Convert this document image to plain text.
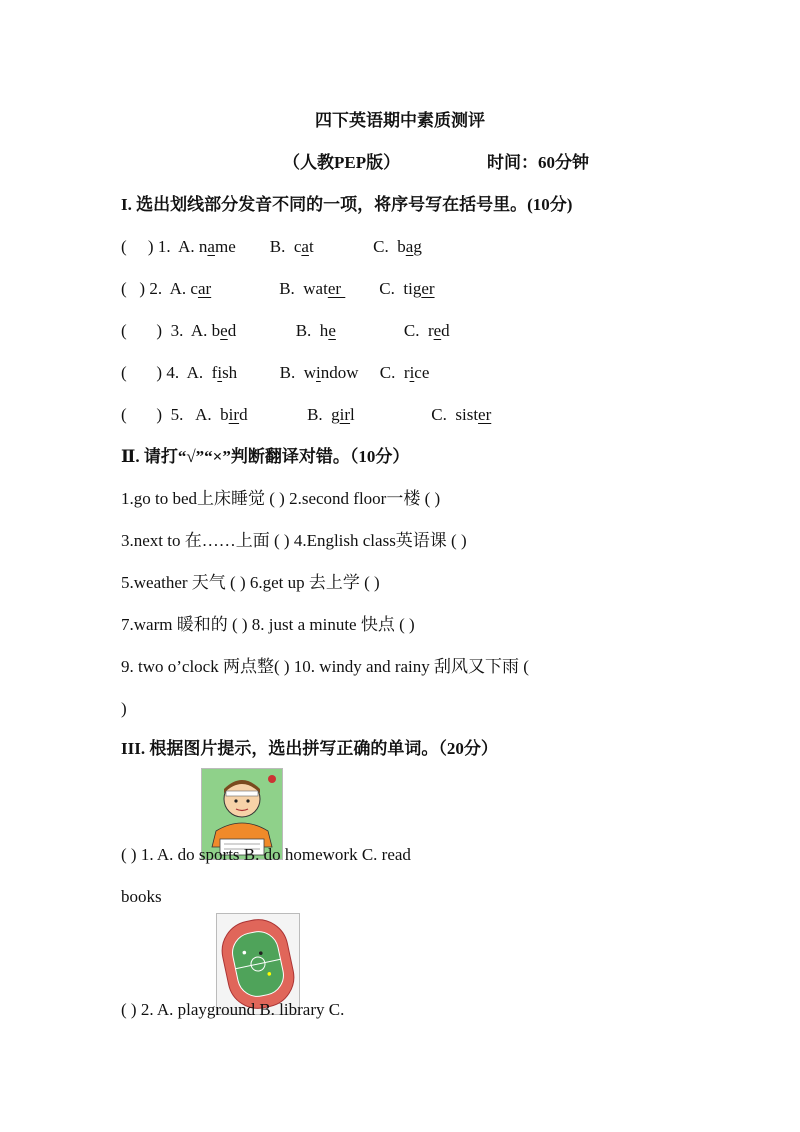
四下英语期中素质测评
（人教PEP版）	时间：60分钟
I. 选出划线部分发音不同的一项，将序号写在括号里。(10分)
(     ) 1.  A. name        B.  cat              C.  bag
(   ) 2.  A. car                B.  water         C.  tiger
(       )  3.  A. bed              B.  he                C.  red
(       ) 4.  A.  fish          B.  window     C.  rice
(       )  5.   A.  bird              B.  girl                  C.  sister
Ⅱ. 请打“√”“×”判断翻译对错。（10分）
1.go to bed上床睡觉 ( ) 2.second floor一楼 ( )
3.next to 在……上面 ( ) 4.English class英语课 ( )
5.weather 天气 ( ) 6.get up 去上学 ( )
7.warm 暖和的 ( ) 8. just a minute 快点 ( )
9. two o’clock 两点整( ) 10. windy and rainy 刮风又下雨 (
)
III. 根据图片提示，选出拼写正确的单词。（20分）
( ) 1. A. do sports B. do homework C. read
books
( ) 2. A. playground B. library C.
